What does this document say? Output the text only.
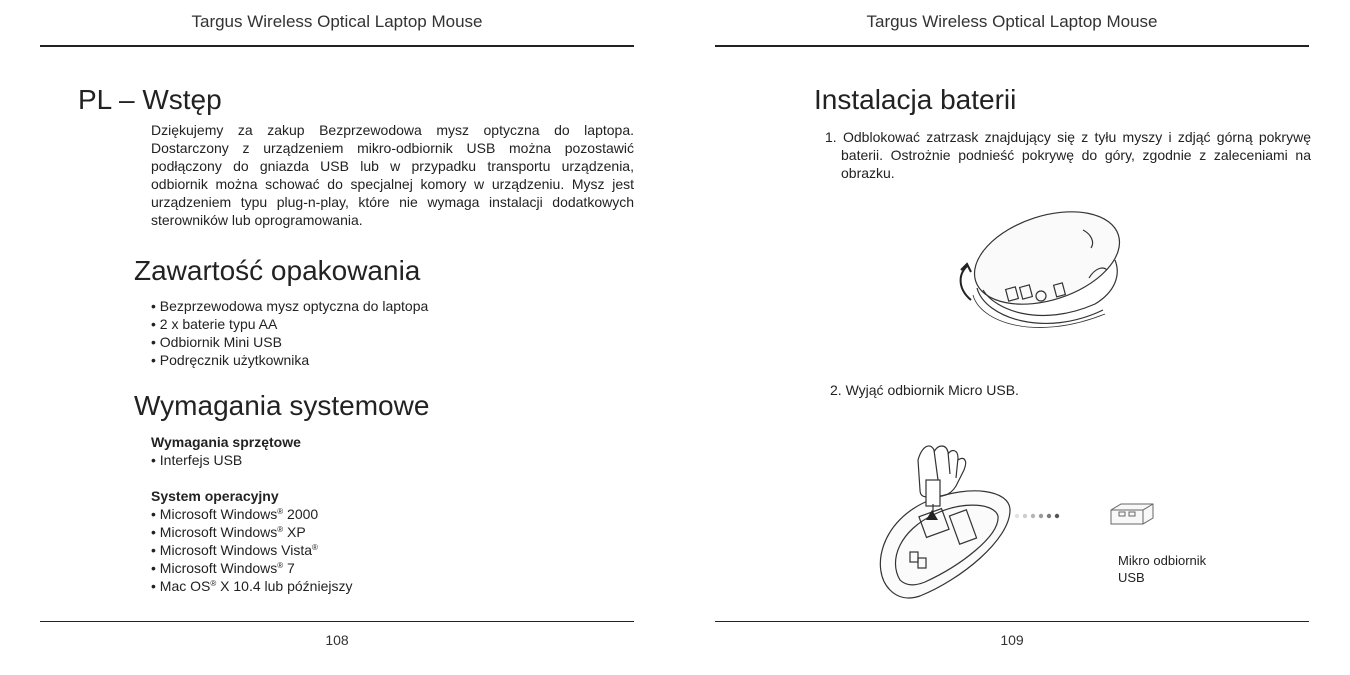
Targus Wireless Optical Laptop Mouse
PL – Wstęp

Dziękujemy za zakup Bezprzewodowa mysz optyczna do laptopa. Dostarczony z urządzeniem mikro-odbiornik USB można pozostawić podłączony do gniazda USB lub w przypadku transportu urządzenia, odbiornik można schować do specjalnej komory w urządzeniu. Mysz jest urządzeniem typu plug-n-play, które nie wymaga instalacji dodatkowych sterowników lub oprogramowania.

Zawartość opakowania
• Bezprzewodowa mysz optyczna do laptopa
• 2 x baterie typu AA
• Odbiornik Mini USB
• Podręcznik użytkownika
Wymagania systemowe
Wymagania sprzętowe
• Interfejs USB
System operacyjny
• Microsoft Windows® 2000
• Microsoft Windows® XP
• Microsoft Windows Vista®
• Microsoft Windows® 7
• Mac OS® X 10.4 lub późniejszy
108
Targus Wireless Optical Laptop Mouse
Instalacja baterii
1. Odblokować zatrzask znajdujący się z tyłu myszy i zdjąć górną pokrywę baterii. Ostrożnie podnieść pokrywę do góry, zgodnie z zaleceniami na obrazku.

2. Wyjąć odbiornik Micro USB.
Mikro odbiornik
USB
109
